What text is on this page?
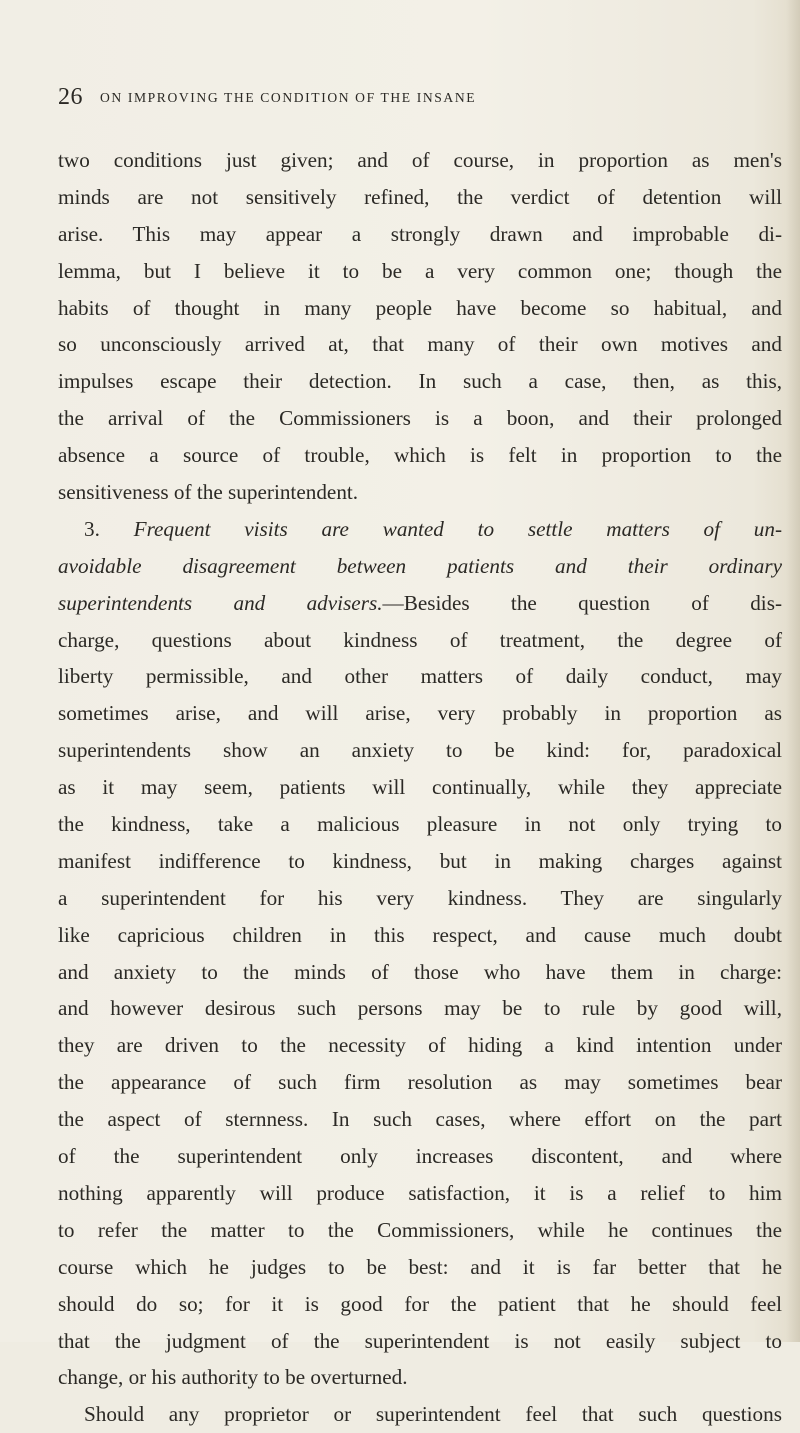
26 ON IMPROVING THE CONDITION OF THE INSANE
two conditions just given; and of course, in proportion as men's
minds are not sensitively refined, the verdict of detention will
arise. This may appear a strongly drawn and improbable di-
lemma, but I believe it to be a very common one; though the
habits of thought in many people have become so habitual, and
so unconsciously arrived at, that many of their own motives and
impulses escape their detection. In such a case, then, as this,
the arrival of the Commissioners is a boon, and their prolonged
absence a source of trouble, which is felt in proportion to the
sensitiveness of the superintendent.
3. Frequent visits are wanted to settle matters of un-
avoidable disagreement between patients and their ordinary
superintendents and advisers.—Besides the question of dis-
charge, questions about kindness of treatment, the degree of
liberty permissible, and other matters of daily conduct, may
sometimes arise, and will arise, very probably in proportion as
superintendents show an anxiety to be kind: for, paradoxical
as it may seem, patients will continually, while they appreciate
the kindness, take a malicious pleasure in not only trying to
manifest indifference to kindness, but in making charges against
a superintendent for his very kindness. They are singularly
like capricious children in this respect, and cause much doubt
and anxiety to the minds of those who have them in charge:
and however desirous such persons may be to rule by good will,
they are driven to the necessity of hiding a kind intention under
the appearance of such firm resolution as may sometimes bear
the aspect of sternness. In such cases, where effort on the part
of the superintendent only increases discontent, and where
nothing apparently will produce satisfaction, it is a relief to him
to refer the matter to the Commissioners, while he continues the
course which he judges to be best: and it is far better that he
should do so; for it is good for the patient that he should feel
that the judgment of the superintendent is not easily subject to
change, or his authority to be overturned.
Should any proprietor or superintendent feel that such questions
